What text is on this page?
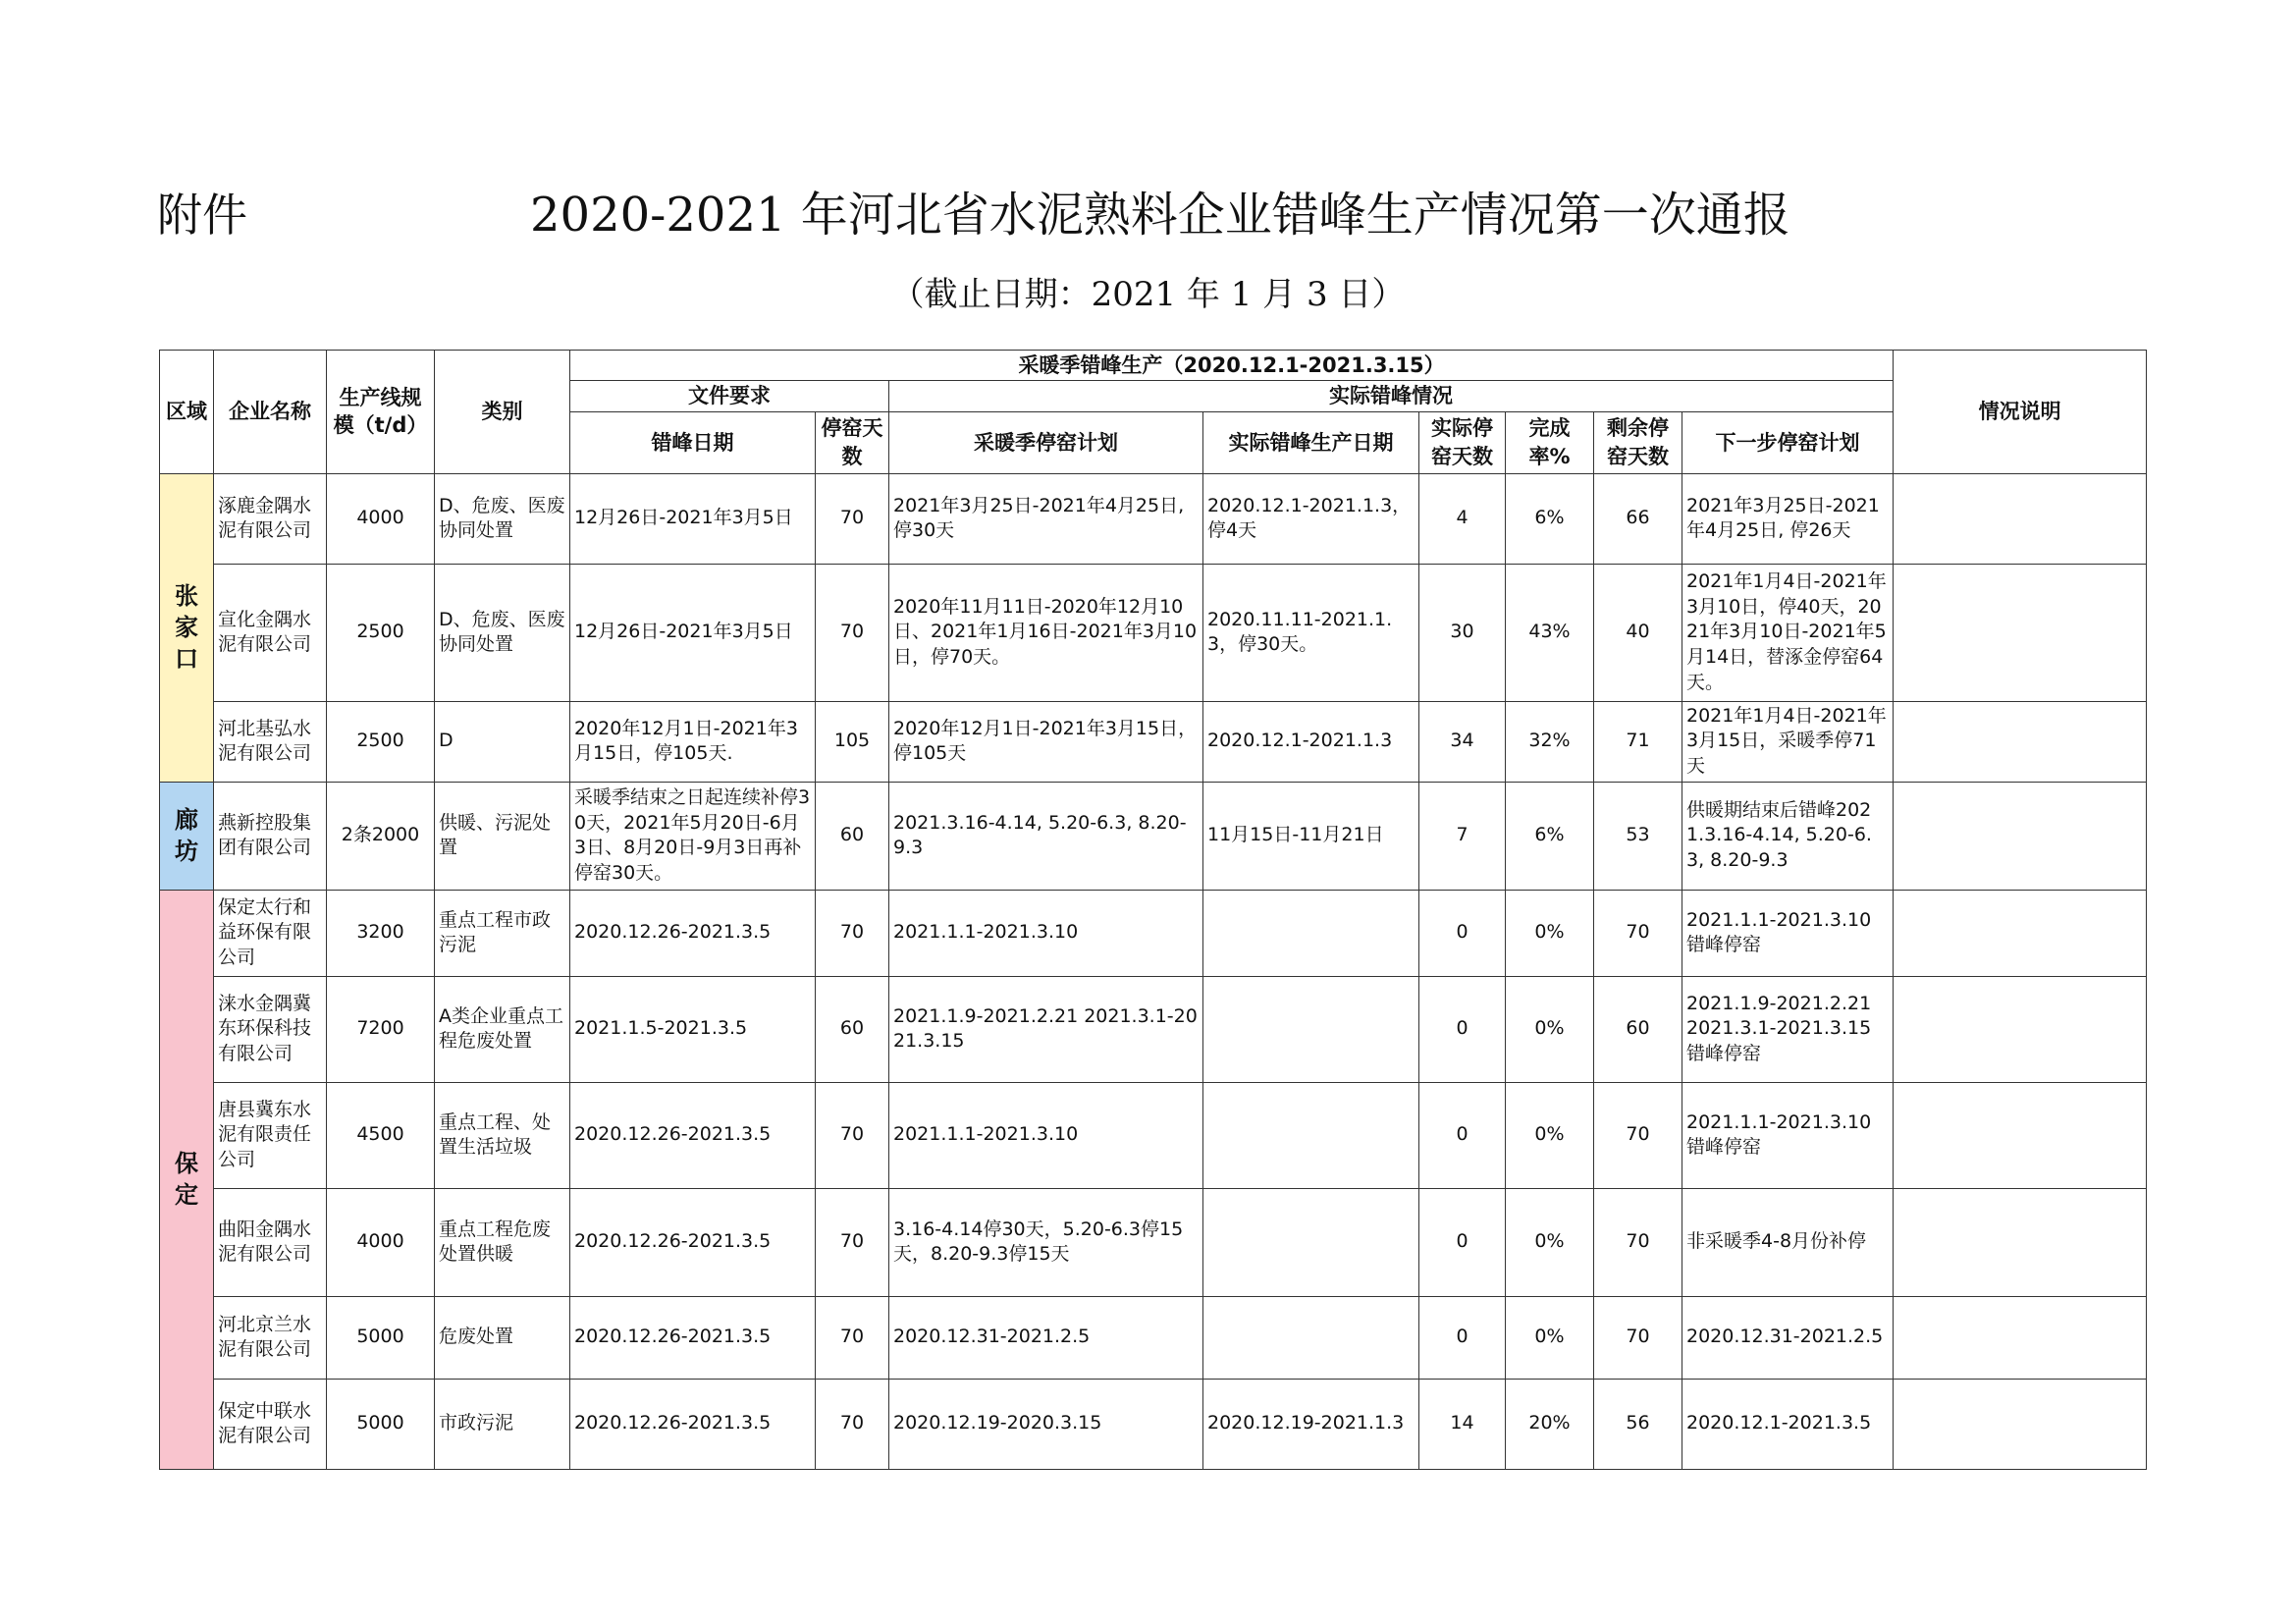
附件	2020-2021 年河北省水泥熟料企业错峰生产情况第一次通报
（截止日期：2021 年 1 月 3 日）
区域	企业名称	生产线规模（t/d）	类别	采暖季错峰生产（2020.12.1-2021.3.15）								情况说明
				文件要求		实际错峰情况						
				错峰日期	停窑天数	采暖季停窑计划	实际错峰生产日期	实际停窑天数	完成率%	剩余停窑天数	下一步停窑计划	
张家口	涿鹿金隅水泥有限公司	4000	D、危废、医废协同处置	12月26日-2021年3月5日	70	2021年3月25日-2021年4月25日, 停30天	2020.12.1-2021.1.3，停4天	4	6%	66	2021年3月25日-2021年4月25日, 停26天	
	宣化金隅水泥有限公司	2500	D、危废、医废协同处置	12月26日-2021年3月5日	70	2020年11月11日-2020年12月10日、2021年1月16日-2021年3月10日，停70天。	2020.11.11-2021.1.3，停30天。	30	43%	40	2021年1月4日-2021年3月10日，停40天，2021年3月10日-2021年5月14日，替涿金停窑64天。	
	河北基弘水泥有限公司	2500	D	2020年12月1日-2021年3月15日，停105天.	105	2020年12月1日-2021年3月15日，停105天	2020.12.1-2021.1.3	34	32%	71	2021年1月4日-2021年3月15日，采暖季停71天	
廊坊	燕新控股集团有限公司	2条2000	供暖、污泥处置	采暖季结束之日起连续补停30天，2021年5月20日-6月3日、8月20日-9月3日再补停窑30天。	60	2021.3.16-4.14, 5.20-6.3, 8.20-9.3	11月15日-11月21日	7	6%	53	供暖期结束后错峰2021.3.16-4.14, 5.20-6.3, 8.20-9.3	
保定	保定太行和益环保有限公司	3200	重点工程市政污泥	2020.12.26-2021.3.5	70	2021.1.1-2021.3.10		0	0%	70	2021.1.1-2021.3.10错峰停窑	
	涞水金隅冀东环保科技有限公司	7200	A类企业重点工程危废处置	2021.1.5-2021.3.5	60	2021.1.9-2021.2.21 2021.3.1-2021.3.15		0	0%	60	2021.1.9-2021.2.21 2021.3.1-2021.3.15错峰停窑	
	唐县冀东水泥有限责任公司	4500	重点工程、处置生活垃圾	2020.12.26-2021.3.5	70	2021.1.1-2021.3.10		0	0%	70	2021.1.1-2021.3.10错峰停窑	
	曲阳金隅水泥有限公司	4000	重点工程危废处置供暖	2020.12.26-2021.3.5	70	3.16-4.14停30天，5.20-6.3停15天，8.20-9.3停15天		0	0%	70	非采暖季4-8月份补停	
	河北京兰水泥有限公司	5000	危废处置	2020.12.26-2021.3.5	70	2020.12.31-2021.2.5		0	0%	70	2020.12.31-2021.2.5	
	保定中联水泥有限公司	5000	市政污泥	2020.12.26-2021.3.5	70	2020.12.19-2020.3.15	2020.12.19-2021.1.3	14	20%	56	2020.12.1-2021.3.5	
